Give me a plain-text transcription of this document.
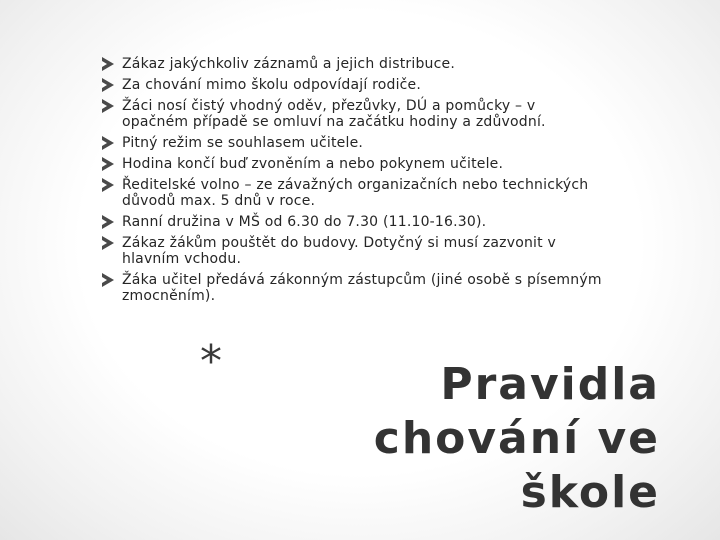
Zákaz jakýchkoliv záznamů a jejich distribuce.
Za chování mimo školu odpovídají rodiče.
Žáci nosí čistý vhodný oděv, přezůvky, DÚ a pomůcky – v opačném případě se omluví na začátku hodiny a zdůvodní.
Pitný režim se souhlasem učitele.
Hodina končí buď zvoněním a nebo pokynem učitele.
Ředitelské volno – ze závažných organizačních nebo technických důvodů max. 5 dnů v roce.
Ranní družina v MŠ od 6.30 do 7.30 (11.10-16.30).
Zákaz žákům pouštět do budovy. Dotyčný si musí zazvonit v hlavním vchodu.
Žáka učitel předává zákonným zástupcům (jiné osobě s písemným zmocněním).
*	Pravidla chování ve škole
